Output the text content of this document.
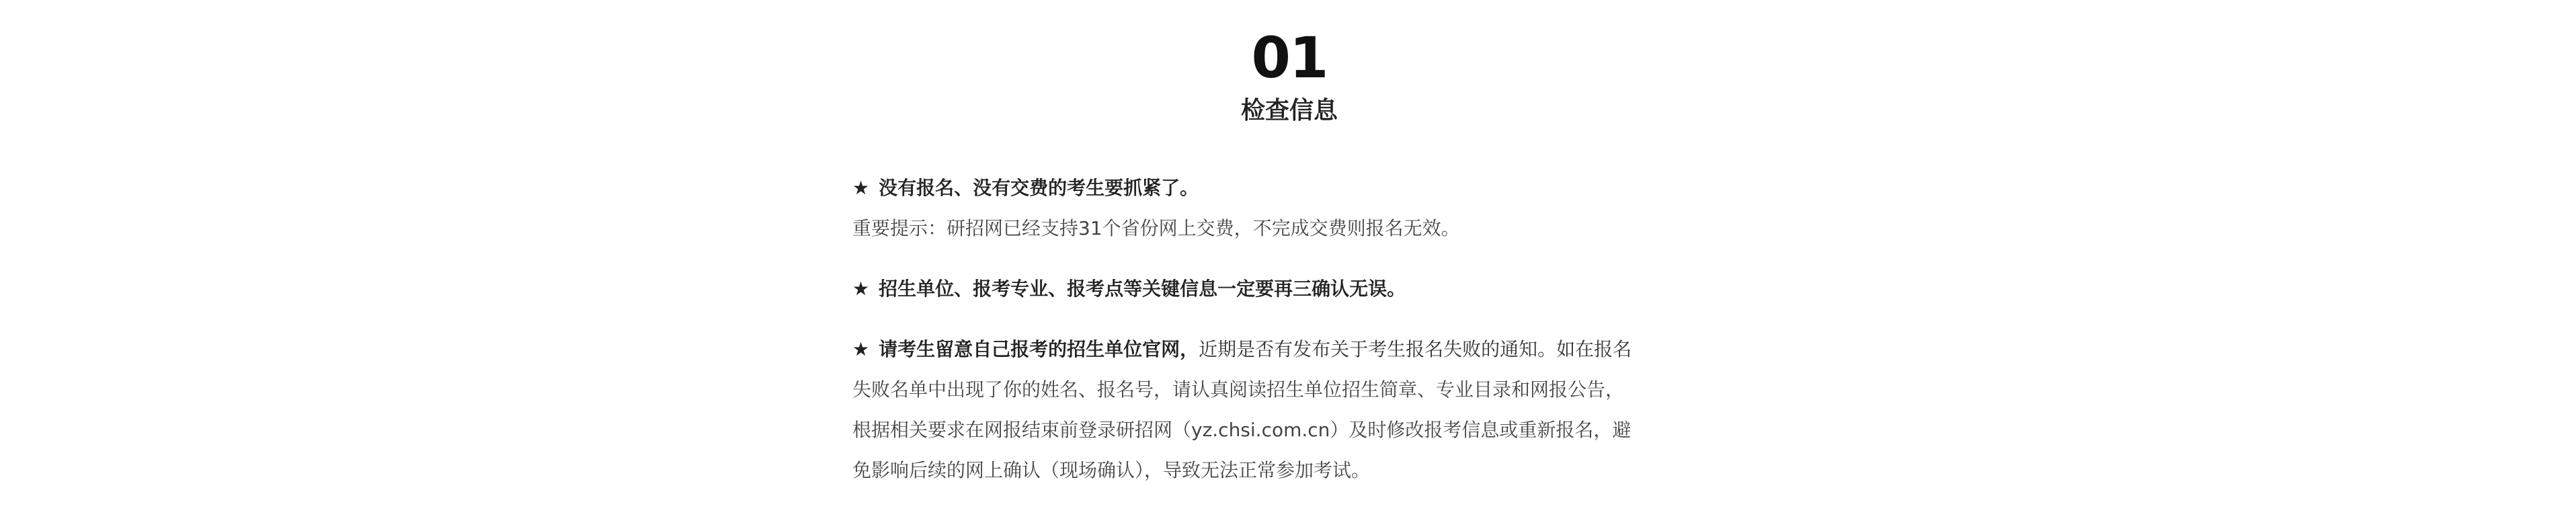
01
检查信息
★ 没有报名、没有交费的考生要抓紧了。
重要提示：研招网已经支持31个省份网上交费，不完成交费则报名无效。
★ 招生单位、报考专业、报考点等关键信息一定要再三确认无误。
★ 请考生留意自己报考的招生单位官网，近期是否有发布关于考生报名失败的通知。如在报名
失败名单中出现了你的姓名、报名号，请认真阅读招生单位招生简章、专业目录和网报公告，
根据相关要求在网报结束前登录研招网（yz.chsi.com.cn）及时修改报考信息或重新报名，避
免影响后续的网上确认（现场确认），导致无法正常参加考试。
